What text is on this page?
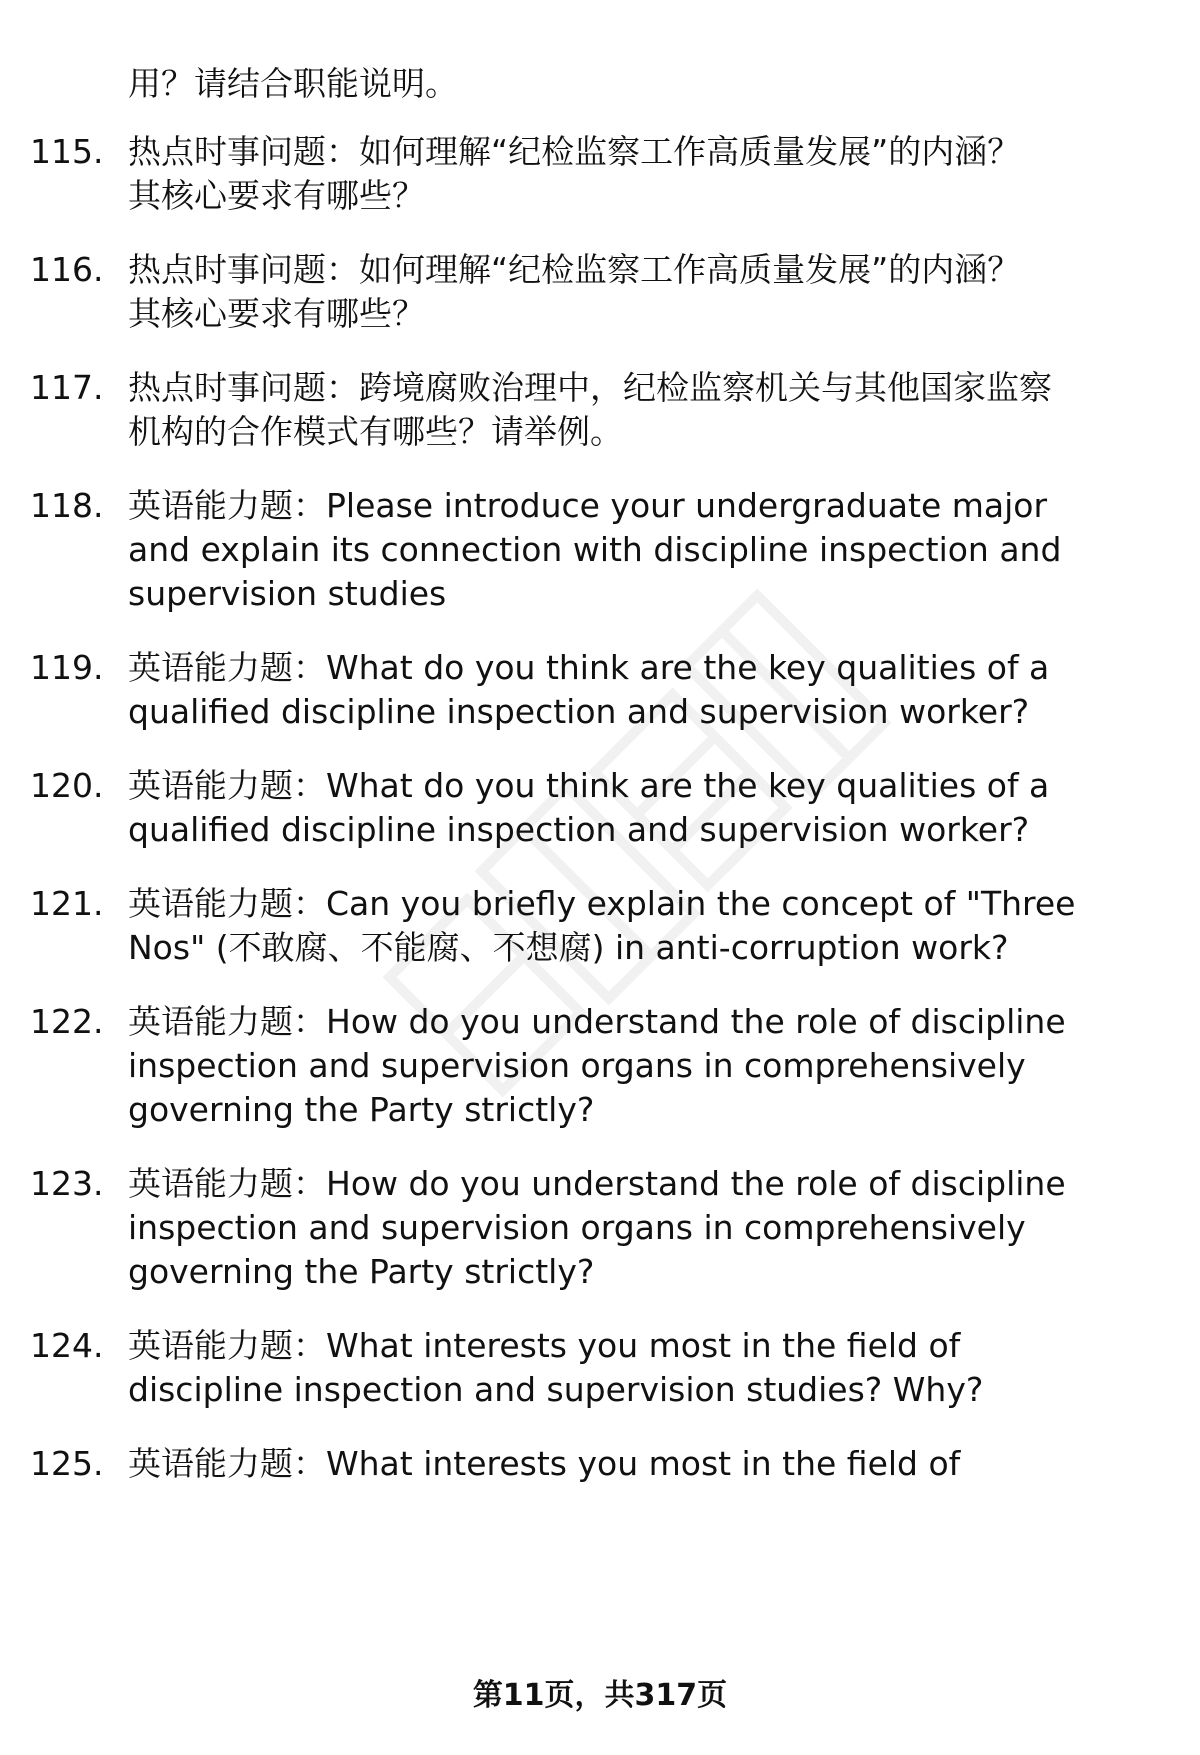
用？请结合职能说明。
115. 热点时事问题：如何理解“纪检监察工作高质量发展”的内涵？
其核心要求有哪些？
116. 热点时事问题：如何理解“纪检监察工作高质量发展”的内涵？
其核心要求有哪些？
117. 热点时事问题：跨境腐败治理中，纪检监察机关与其他国家监察
机构的合作模式有哪些？请举例。
118. 英语能力题：Please introduce your undergraduate major
and explain its connection with discipline inspection and
supervision studies
119. 英语能力题：What do you think are the key qualities of a
qualified discipline inspection and supervision worker?
120. 英语能力题：What do you think are the key qualities of a
qualified discipline inspection and supervision worker?
121. 英语能力题：Can you briefly explain the concept of "Three
Nos" (不敢腐、不能腐、不想腐) in anti-corruption work?
122. 英语能力题：How do you understand the role of discipline
inspection and supervision organs in comprehensively
governing the Party strictly?
123. 英语能力题：How do you understand the role of discipline
inspection and supervision organs in comprehensively
governing the Party strictly?
124. 英语能力题：What interests you most in the field of
discipline inspection and supervision studies? Why?
125. 英语能力题：What interests you most in the field of
第11页，共317页
